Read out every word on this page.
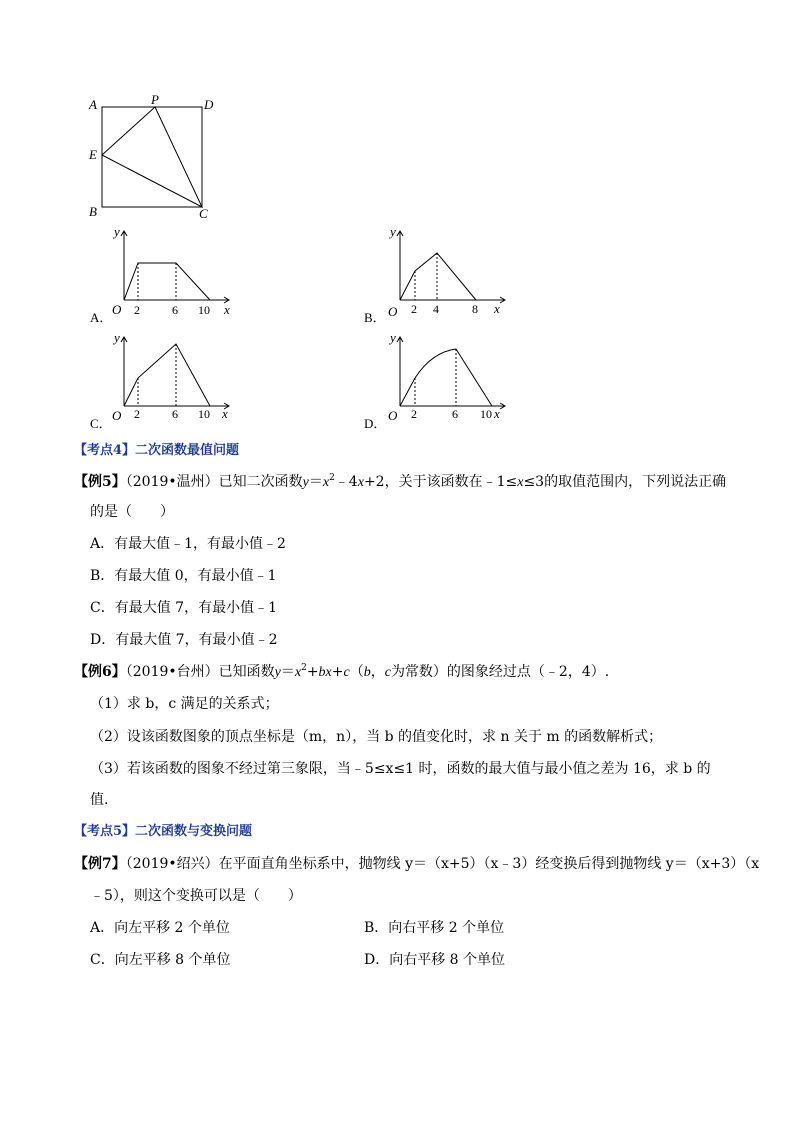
A	P	D
E
B	C
A．
O	x
y
2	6 10	B． O	x
y
2 4	8
C．
O	x
y
2	6 10
D．
O	x
y
2	6 10
【考点4】二次函数最值问题
【例5】（2019•温州）已知二次函数$y=x^2﹣4x+2$，关于该函数在﹣1≤x≤3的取值范围内，下列说法正确
的是（　　）
A．有最大值﹣1，有最小值﹣2
B．有最大值 0，有最小值﹣1
C．有最大值 7，有最小值﹣1
D．有最大值 7，有最小值﹣2
【例6】（2019•台州）已知函数$y=x^2+bx+c(b$，c为常数）的图象经过点（﹣2，4）.
（1）求 b，c 满足的关系式；
（2）设该函数图象的顶点坐标是（m，n），当 b 的值变化时，求 n 关于 m 的函数解析式；
（3）若该函数的图象不经过第三象限，当﹣5≤x≤1 时，函数的最大值与最小值之差为 16，求 b 的
值.
【考点5】二次函数与变换问题
【例7】（2019•绍兴）在平面直角坐标系中，抛物线 y＝（x+5）（x﹣3）经变换后得到抛物线 y＝（x+3）（x
﹣5），则这个变换可以是（　　）
A．向左平移 2 个单位	B．向右平移 2 个单位
C．向左平移 8 个单位	D．向右平移 8 个单位
